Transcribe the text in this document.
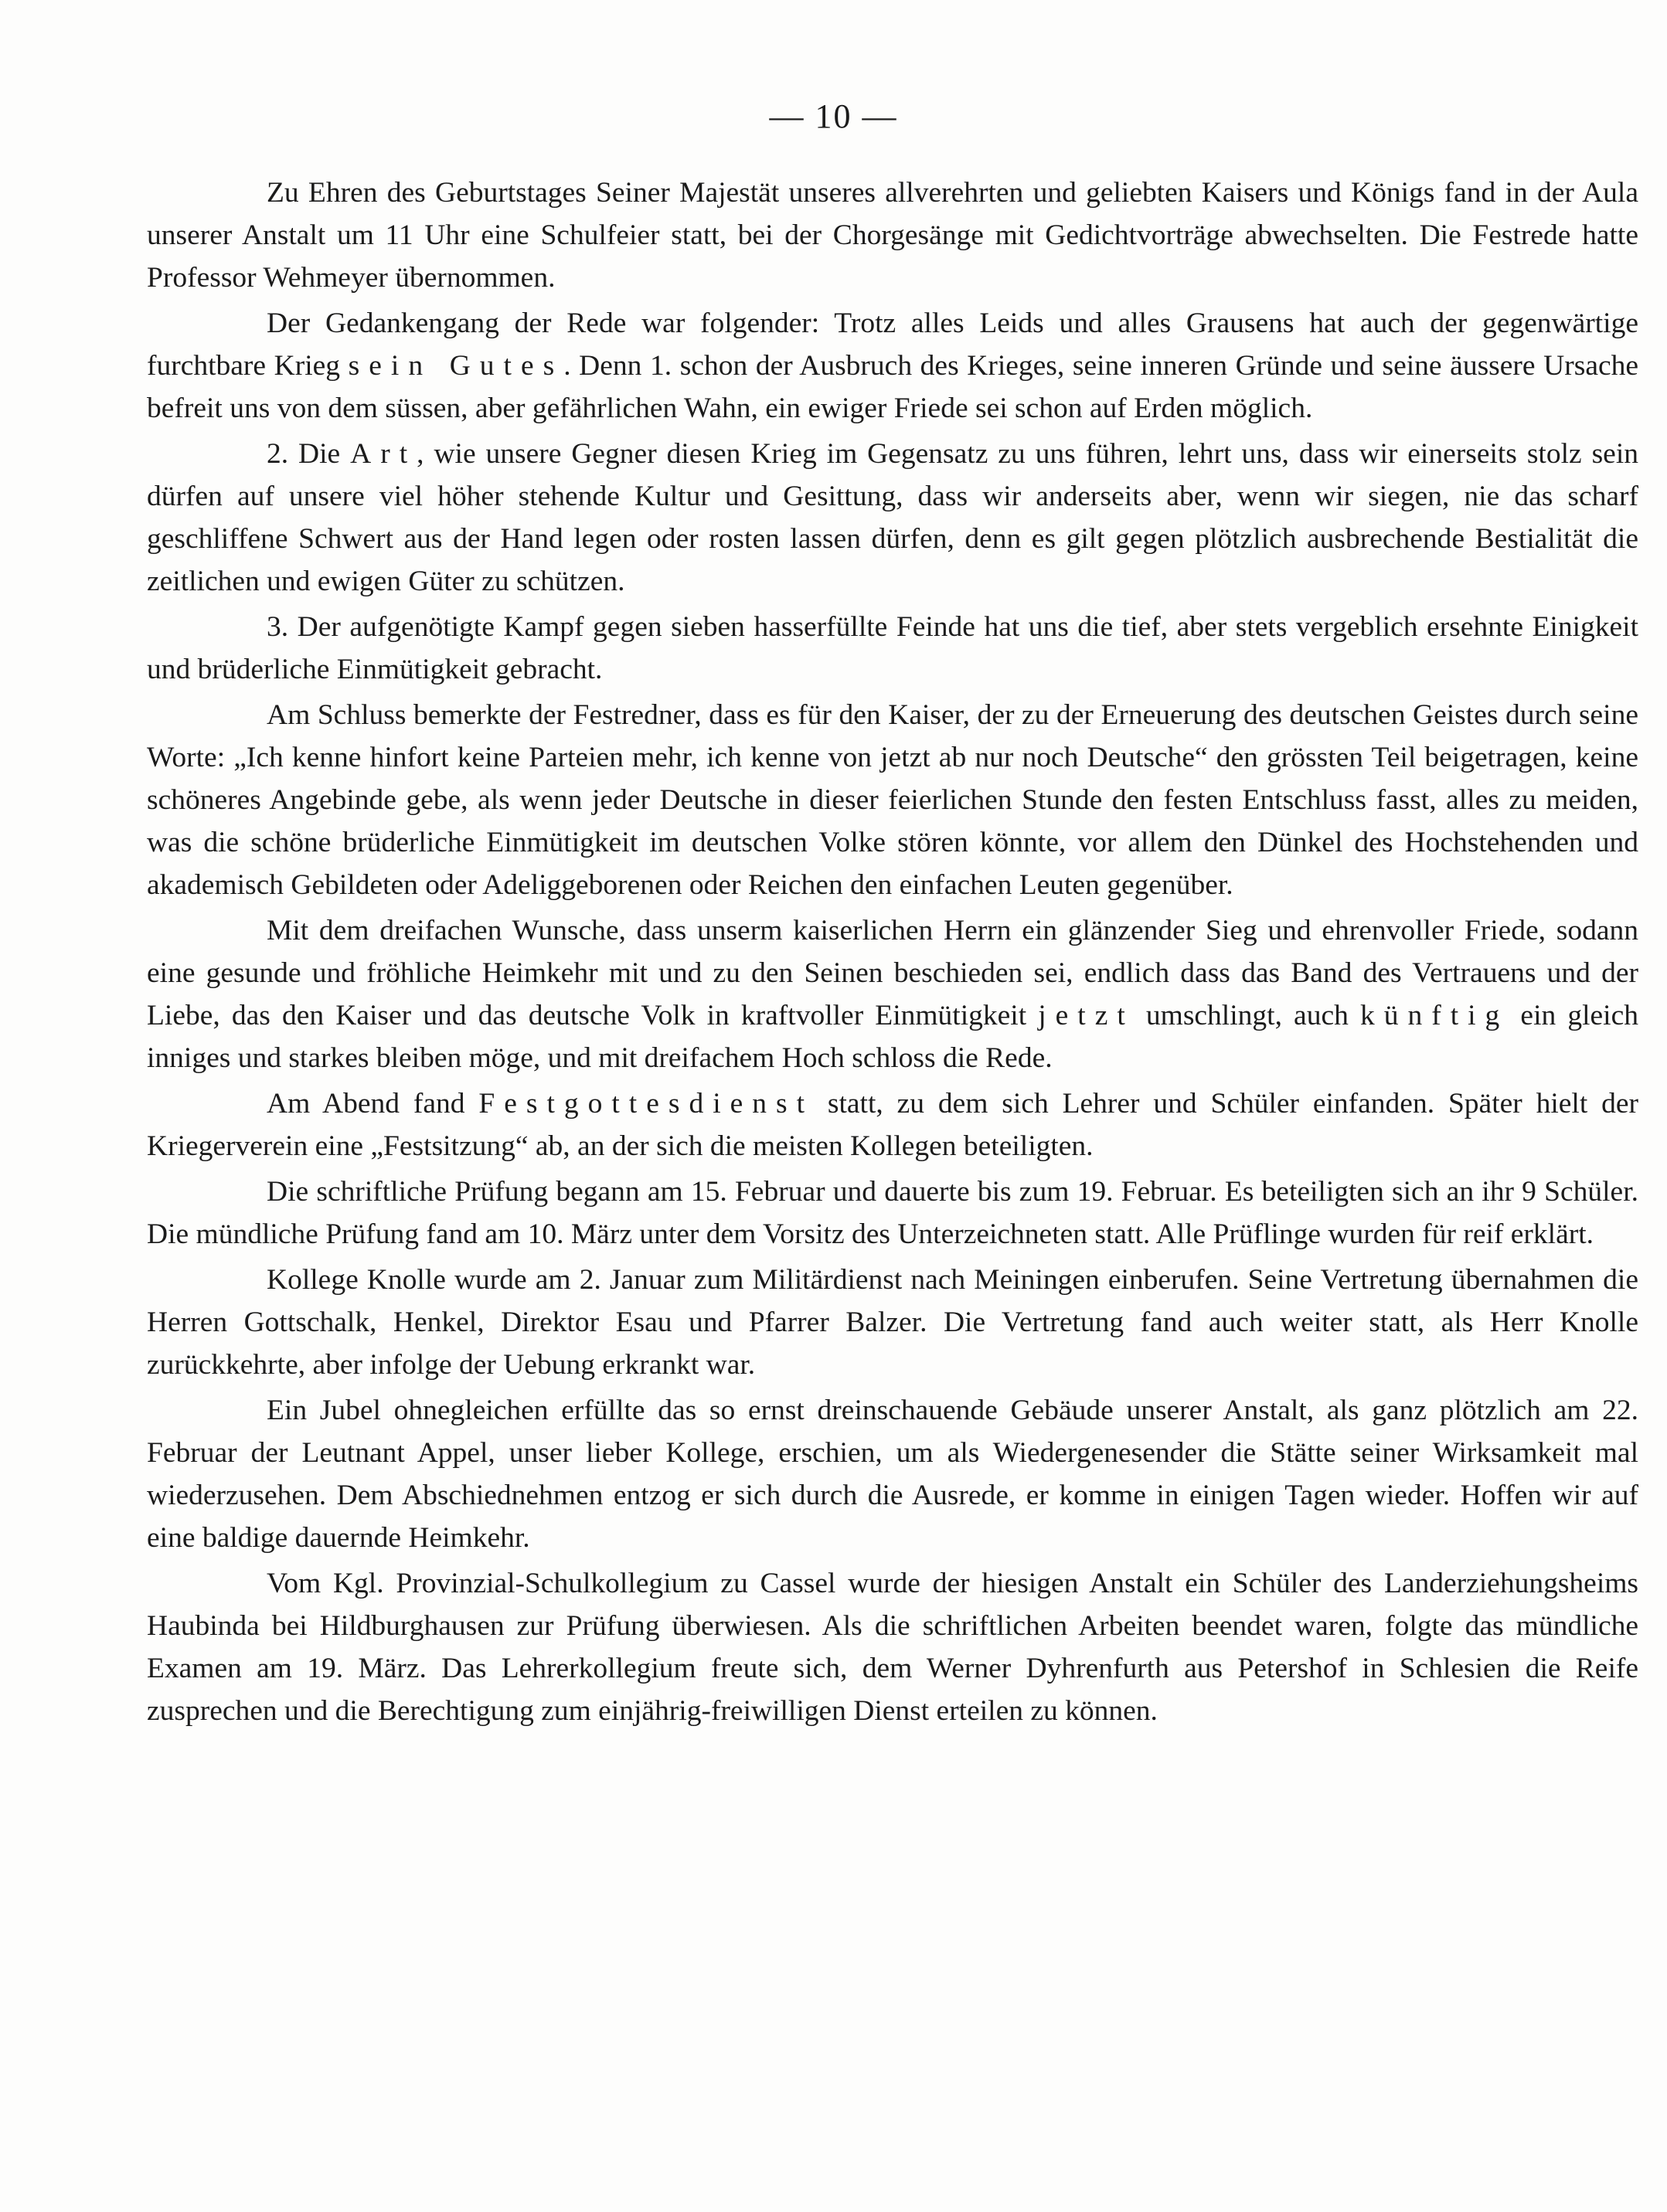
— 10 —

Zu Ehren des Geburtstages Seiner Majestät unseres allverehrten und geliebten Kaisers und Königs fand in der Aula unserer Anstalt um 11 Uhr eine Schulfeier statt, bei der Chorgesänge mit Gedichtvorträge abwechselten. Die Festrede hatte Professor Wehmeyer übernommen.

Der Gedankengang der Rede war folgender: Trotz alles Leids und alles Grausens hat auch der gegenwärtige furchtbare Krieg sein Gutes. Denn 1. schon der Ausbruch des Krieges, seine inneren Gründe und seine äussere Ursache befreit uns von dem süssen, aber gefährlichen Wahn, ein ewiger Friede sei schon auf Erden möglich.

2. Die Art, wie unsere Gegner diesen Krieg im Gegensatz zu uns führen, lehrt uns, dass wir einerseits stolz sein dürfen auf unsere viel höher stehende Kultur und Gesittung, dass wir anderseits aber, wenn wir siegen, nie das scharf geschliffene Schwert aus der Hand legen oder rosten lassen dürfen, denn es gilt gegen plötzlich ausbrechende Bestialität die zeitlichen und ewigen Güter zu schützen.

3. Der aufgenötigte Kampf gegen sieben hasserfüllte Feinde hat uns die tief, aber stets vergeblich ersehnte Einigkeit und brüderliche Einmütigkeit gebracht.

Am Schluss bemerkte der Festredner, dass es für den Kaiser, der zu der Erneuerung des deutschen Geistes durch seine Worte: „Ich kenne hinfort keine Parteien mehr, ich kenne von jetzt ab nur noch Deutsche“ den grössten Teil beigetragen, keine schöneres Angebinde gebe, als wenn jeder Deutsche in dieser feierlichen Stunde den festen Entschluss fasst, alles zu meiden, was die schöne brüderliche Einmütigkeit im deutschen Volke stören könnte, vor allem den Dünkel des Hochstehenden und akademisch Gebildeten oder Adeliggeborenen oder Reichen den einfachen Leuten gegenüber.

Mit dem dreifachen Wunsche, dass unserm kaiserlichen Herrn ein glänzender Sieg und ehrenvoller Friede, sodann eine gesunde und fröhliche Heimkehr mit und zu den Seinen beschieden sei, endlich dass das Band des Vertrauens und der Liebe, das den Kaiser und das deutsche Volk in kraftvoller Einmütigkeit jetzt umschlingt, auch künftig ein gleich inniges und starkes bleiben möge, und mit dreifachem Hoch schloss die Rede.

Am Abend fand Festgottesdienst statt, zu dem sich Lehrer und Schüler einfanden. Später hielt der Kriegerverein eine „Festsitzung“ ab, an der sich die meisten Kollegen beteiligten.

Die schriftliche Prüfung begann am 15. Februar und dauerte bis zum 19. Februar. Es beteiligten sich an ihr 9 Schüler. Die mündliche Prüfung fand am 10. März unter dem Vorsitz des Unterzeichneten statt. Alle Prüflinge wurden für reif erklärt.

Kollege Knolle wurde am 2. Januar zum Militärdienst nach Meiningen einberufen. Seine Vertretung übernahmen die Herren Gottschalk, Henkel, Direktor Esau und Pfarrer Balzer. Die Vertretung fand auch weiter statt, als Herr Knolle zurückkehrte, aber infolge der Uebung erkrankt war.

Ein Jubel ohnegleichen erfüllte das so ernst dreinschauende Gebäude unserer Anstalt, als ganz plötzlich am 22. Februar der Leutnant Appel, unser lieber Kollege, erschien, um als Wiedergenesender die Stätte seiner Wirksamkeit mal wiederzusehen. Dem Abschiednehmen entzog er sich durch die Ausrede, er komme in einigen Tagen wieder. Hoffen wir auf eine baldige dauernde Heimkehr.

Vom Kgl. Provinzial-Schulkollegium zu Cassel wurde der hiesigen Anstalt ein Schüler des Landerziehungsheims Haubinda bei Hildburghausen zur Prüfung überwiesen. Als die schriftlichen Arbeiten beendet waren, folgte das mündliche Examen am 19. März. Das Lehrerkollegium freute sich, dem Werner Dyhrenfurth aus Petershof in Schlesien die Reife zusprechen und die Berechtigung zum einjährig-freiwilligen Dienst erteilen zu können.
